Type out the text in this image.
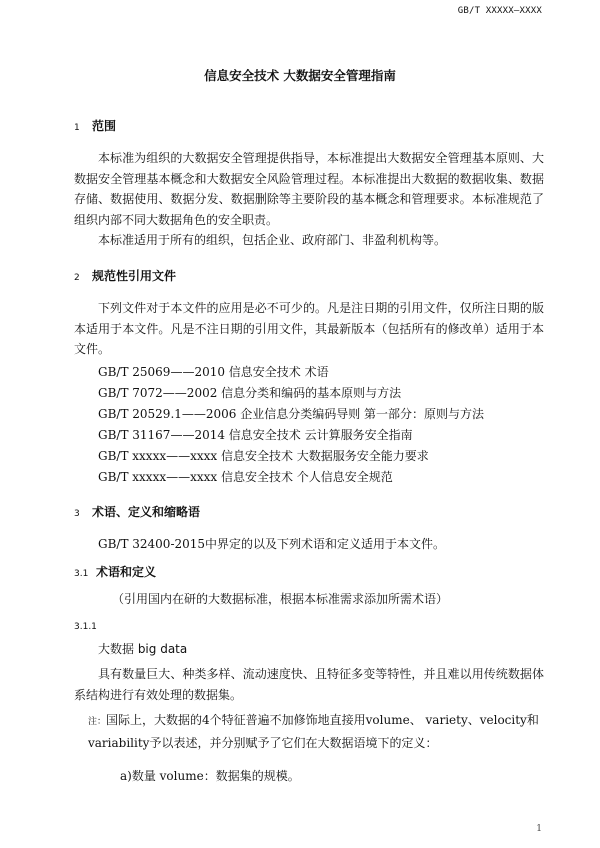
GB/T XXXXX—XXXX
信息安全技术 大数据安全管理指南
1 范围

本标准为组织的大数据安全管理提供指导，本标准提出大数据安全管理基本原则、大数据安全管理基本概念和大数据安全风险管理过程。本标准提出大数据的数据收集、数据存储、数据使用、数据分发、数据删除等主要阶段的基本概念和管理要求。本标准规范了组织内部不同大数据角色的安全职责。

本标准适用于所有的组织，包括企业、政府部门、非盈利机构等。

2 规范性引用文件

下列文件对于本文件的应用是必不可少的。凡是注日期的引用文件，仅所注日期的版本适用于本文件。凡是不注日期的引用文件，其最新版本（包括所有的修改单）适用于本文件。

GB/T 25069——2010 信息安全技术 术语
GB/T 7072——2002 信息分类和编码的基本原则与方法
GB/T 20529.1——2006 企业信息分类编码导则 第一部分：原则与方法
GB/T 31167——2014 信息安全技术 云计算服务安全指南
GB/T xxxxx——xxxx 信息安全技术 大数据服务安全能力要求
GB/T xxxxx——xxxx 信息安全技术 个人信息安全规范
3 术语、定义和缩略语
GB/T 32400-2015中界定的以及下列术语和定义适用于本文件。
3.1 术语和定义
（引用国内在研的大数据标准，根据本标准需求添加所需术语）
3.1.1
大数据 big data

具有数量巨大、种类多样、流动速度快、且特征多变等特性，并且难以用传统数据体系结构进行有效处理的数据集。

注：国际上，大数据的4个特征普遍不加修饰地直接用volume、 variety、velocity和variability予以表述，并分别赋予了它们在大数据语境下的定义：
a)数量 volume：数据集的规模。
1
